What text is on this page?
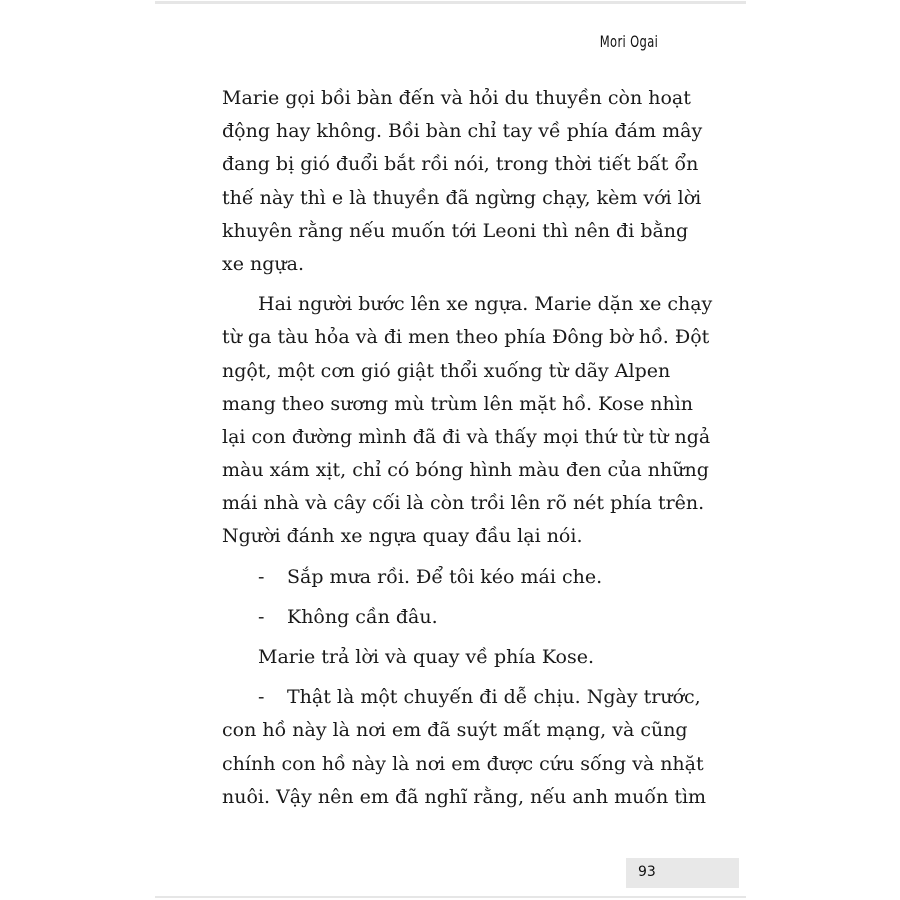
Mori Ogai
Marie gọi bồi bàn đến và hỏi du thuyền còn hoạt
động hay không. Bồi bàn chỉ tay về phía đám mây
đang bị gió đuổi bắt rồi nói, trong thời tiết bất ổn
thế này thì e là thuyền đã ngừng chạy, kèm với lời
khuyên rằng nếu muốn tới Leoni thì nên đi bằng
xe ngựa.
Hai người bước lên xe ngựa. Marie dặn xe chạy
từ ga tàu hỏa và đi men theo phía Đông bờ hồ. Đột
ngột, một cơn gió giật thổi xuống từ dãy Alpen
mang theo sương mù trùm lên mặt hồ. Kose nhìn
lại con đường mình đã đi và thấy mọi thứ từ từ ngả
màu xám xịt, chỉ có bóng hình màu đen của những
mái nhà và cây cối là còn trồi lên rõ nét phía trên.
Người đánh xe ngựa quay đầu lại nói.
- Sắp mưa rồi. Để tôi kéo mái che.
- Không cần đâu.
Marie trả lời và quay về phía Kose.
- Thật là một chuyến đi dễ chịu. Ngày trước,
con hồ này là nơi em đã suýt mất mạng, và cũng
chính con hồ này là nơi em được cứu sống và nhặt
nuôi. Vậy nên em đã nghĩ rằng, nếu anh muốn tìm
93
